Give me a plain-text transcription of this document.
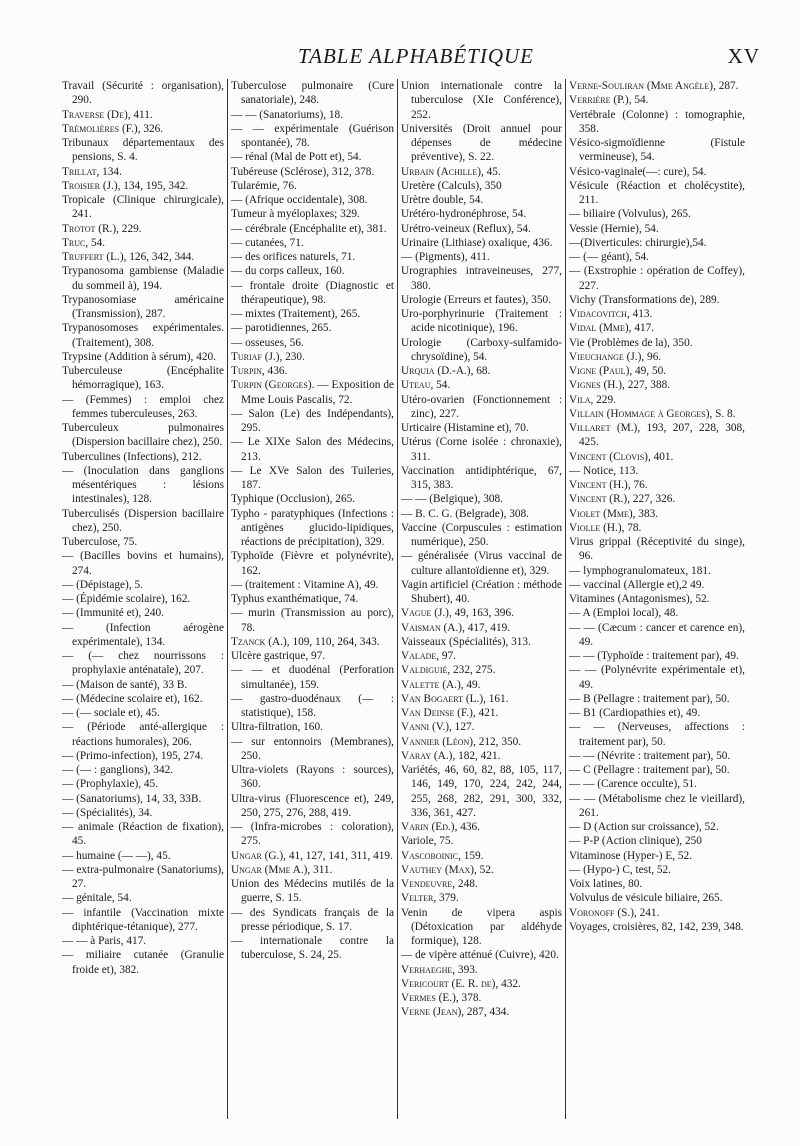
TABLE ALPHABÉTIQUE	XV
Travail (Sécurité : organisation), 290.
Traverse (De), 411.
Trémolières (F.), 326.
Tribunaux départementaux des pensions, S. 4.
Trillat, 134.
Troisier (J.), 134, 195, 342.
Tropicale (Clinique chirurgicale), 241.
Trotot (R.), 229.
Truc, 54.
Truffert (L.), 126, 342, 344.
Trypanosoma gambiense (Maladie du sommeil à), 194.
Trypanosomiase américaine (Transmission), 287.
Trypanosomoses expérimentales. (Traitement), 308.
Trypsine (Addition à sérum), 420.
Tuberculeuse (Encéphalite hémorragique), 163.
— (Femmes) : emploi chez femmes tuberculeuses, 263.
Tuberculeux pulmonaires (Dispersion bacillaire chez), 250.
Tuberculines (Infections), 212.
— (Inoculation dans ganglions mésentériques : lésions intestinales), 128.
Tuberculisés (Dispersion bacillaire chez), 250.
Tuberculose, 75.
— (Bacilles bovins et humains), 274.
— (Dépistage), 5.
— (Épidémie scolaire), 162.
— (Immunité et), 240.
— (Infection aérogène expérimentale), 134.
— (— chez nourrissons : prophylaxie anténatale), 207.
— (Maison de santé), 33 B.
— (Médecine scolaire et), 162.
— (— sociale et), 45.
— (Période anté-allergique : réactions humorales), 206.
— (Primo-infection), 195, 274.
— (— : ganglions), 342.
— (Prophylaxie), 45.
— (Sanatoriums), 14, 33, 33B.
— (Spécialités), 34.
— animale (Réaction de fixation), 45.
— humaine (— —), 45.
— extra-pulmonaire (Sanatoriums), 27.
— génitale, 54.
— infantile (Vaccination mixte diphtérique-tétanique), 277.
— — à Paris, 417.
— miliaire cutanée (Granulie froide et), 382.
Tuberculose pulmonaire (Cure sanatoriale), 248.
— — (Sanatoriums), 18.
— — expérimentale (Guérison spontanée), 78.
— rénal (Mal de Pott et), 54.
Tubéreuse (Sclérose), 312, 378.
Tularémie, 76.
— (Afrique occidentale), 308.
Tumeur à myéloplaxes; 329.
— cérébrale (Encéphalite et), 381.
— cutanées, 71.
— des orifices naturels, 71.
— du corps calleux, 160.
— frontale droite (Diagnostic et thérapeutique), 98.
— mixtes (Traitement), 265.
— parotidiennes, 265.
— osseuses, 56.
Turiaf (J.), 230.
Turpin, 436.
Turpin (Georges). — Exposition de Mme Louis Pascalis, 72.
— Salon (Le) des Indépendants), 295.
— Le XIXe Salon des Médecins, 213.
— Le XVe Salon des Tuileries, 187.
Typhique (Occlusion), 265.
Typho - paratyphiques (Infections : antigènes glucido-lipidiques, réactions de précipitation), 329.
Typhoïde (Fièvre et polynévrite), 162.
— (traitement : Vitamine A), 49.
Typhus exanthématique, 74.
— murin (Transmission au porc), 78.
Tzanck (A.), 109, 110, 264, 343.
Ulcère gastrique, 97.
— — et duodénal (Perforation simultanée), 159.
— gastro-duodénaux (— : statistique), 158.
Ultra-filtration, 160.
— sur entonnoirs (Membranes), 250.
Ultra-violets (Rayons : sources), 360.
Ultra-virus (Fluorescence et), 249, 250, 275, 276, 288, 419.
— (Infra-microbes : coloration), 275.
Ungar (G.), 41, 127, 141, 311, 419.
Ungar (Mme A.), 311.
Union des Médecins mutilés de la guerre, S. 15.
— des Syndicats français de la presse périodique, S. 17.
— internationale contre la tuberculose, S. 24, 25.
Union internationale contre la tuberculose (XIe Conférence), 252.
Universités (Droit annuel pour dépenses de médecine préventive), S. 22.
Urbain (Achille), 45.
Uretère (Calculs), 350
Urètre double, 54.
Urétéro-hydronéphrose, 54.
Urétro-veineux (Reflux), 54.
Urinaire (Lithiase) oxalique, 436.
— (Pigments), 411.
Urographies intraveineuses, 277, 380.
Urologie (Erreurs et fautes), 350.
Uro-porphyrinurie (Traitement : acide nicotinique), 196.
Urologie (Carboxy-sulfamido-chrysoïdine), 54.
Urquia (D.-A.), 68.
Uteau, 54.
Utéro-ovarien (Fonctionnement : zinc), 227.
Urticaire (Histamine et), 70.
Utérus (Corne isolée : chronaxie), 311.
Vaccination antidiphtérique, 67, 315, 383.
— — (Belgique), 308.
— B. C. G. (Belgrade), 308.
Vaccine (Corpuscules : estimation numérique), 250.
— généralisée (Virus vaccinal de culture allantoïdienne et), 329.
Vagin artificiel (Création : méthode Shubert), 40.
Vague (J.), 49, 163, 396.
Vaisman (A.), 417, 419.
Vaisseaux (Spécialités), 313.
Valade, 97.
Valdiguié, 232, 275.
Valette (A.), 49.
Van Bogaert (L.), 161.
Van Deinse (F.), 421.
Vanni (V.), 127.
Vannier (Léon), 212, 350.
Varay (A.), 182, 421.
Variétés, 46, 60, 82, 88, 105, 117, 146, 149, 170, 224, 242, 244, 255, 268, 282, 291, 300, 332, 336, 361, 427.
Varin (Ed.), 436.
Variole, 75.
Vascoboinic, 159.
Vauthey (Max), 52.
Vendeuvre, 248.
Velter, 379.
Venin de vipera aspis (Détoxication par aldéhyde formique), 128.
— de vipère atténué (Cuivre), 420.
Verhaeghe, 393.
Vericourt (E. R. de), 432.
Vermes (E.), 378.
Verne (Jean), 287, 434.
Verne-Souliran (Mme Angèle), 287.
Verrière (P.), 54.
Vertébrale (Colonne) : tomographie, 358.
Vésico-sigmoïdienne (Fistule vermineuse), 54.
Vésico-vaginale(—: cure), 54.
Vésicule (Réaction et cholécystite), 211.
— biliaire (Volvulus), 265.
Vessie (Hernie), 54.
—(Diverticules: chirurgie),54.
— (— géant), 54.
— (Exstrophie : opération de Coffey), 227.
Vichy (Transformations de), 289.
Vidacovitch, 413.
Vidal (Mme), 417.
Vie (Problèmes de la), 350.
Vieuchange (J.), 96.
Vigne (Paul), 49, 50.
Vignes (H.), 227, 388.
Vila, 229.
Villain (Hommage à Georges), S. 8.
Villaret (M.), 193, 207, 228, 308, 425.
Vincent (Clovis), 401.
— Notice, 113.
Vincent (H.), 76.
Vincent (R.), 227, 326.
Violet (Mme), 383.
Violle (H.), 78.
Virus grippal (Réceptivité du singe), 96.
— lymphogranulomateux, 181.
— vaccinal (Allergie et),2 49.
Vitamines (Antagonismes), 52.
— A (Emploi local), 48.
— — (Cæcum : cancer et carence en), 49.
— — (Typhoïde : traitement par), 49.
— — (Polynévrite expérimentale et), 49.
— B (Pellagre : traitement par), 50.
— B1 (Cardiopathies et), 49.
— — (Nerveuses, affections : traitement par), 50.
— — (Névrite : traitement par), 50.
— C (Pellagre : traitement par), 50.
— — (Carence occulte), 51.
— — (Métabolisme chez le vieillard), 261.
— D (Action sur croissance), 52.
— P-P (Action clinique), 250
Vitaminose (Hyper-) E, 52.
— (Hypo-) C, test, 52.
Voix latines, 80.
Volvulus de vésicule biliaire, 265.
Voronoff (S.), 241.
Voyages, croisières, 82, 142, 239, 348.
